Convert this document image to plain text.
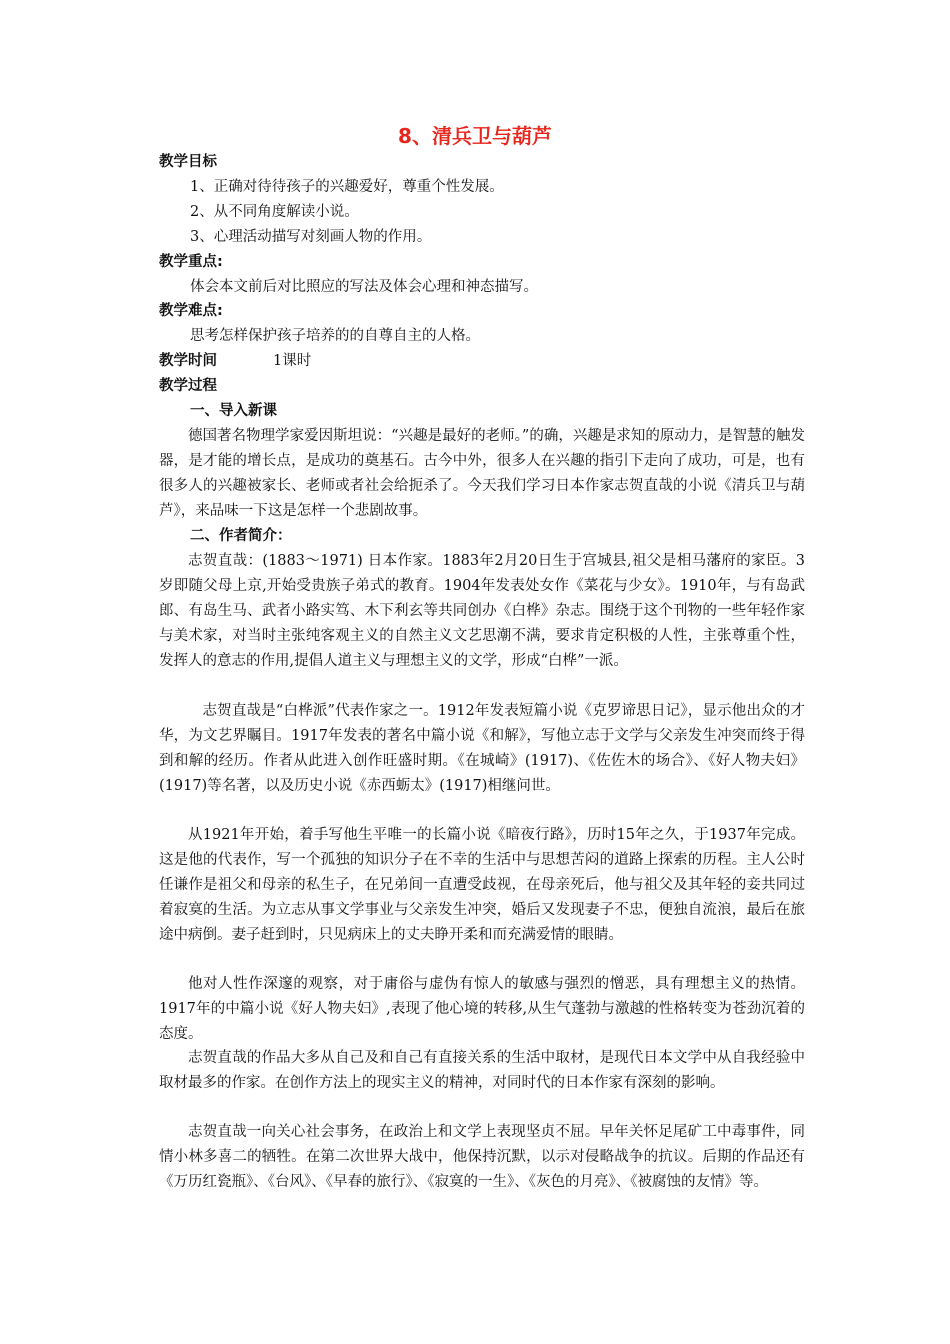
8、清兵卫与葫芦
教学目标
1、正确对待待孩子的兴趣爱好，尊重个性发展。
2、从不同角度解读小说。
3、心理活动描写对刻画人物的作用。
教学重点:
体会本文前后对比照应的写法及体会心理和神态描写。
教学难点:
思考怎样保护孩子培养的的自尊自主的人格。
教学时间	1课时
教学过程
一、导入新课
德国著名物理学家爱因斯坦说：“兴趣是最好的老师。”的确，兴趣是求知的原动力，是智慧的触发器，是才能的增长点，是成功的奠基石。古今中外，很多人在兴趣的指引下走向了成功，可是，也有很多人的兴趣被家长、老师或者社会给扼杀了。今天我们学习日本作家志贺直哉的小说《清兵卫与葫芦》，来品味一下这是怎样一个悲剧故事。
二、作者简介：
志贺直哉：(1883～1971) 日本作家。1883年2月20日生于宫城县,祖父是相马藩府的家臣。3岁即随父母上京,开始受贵族子弟式的教育。1904年发表处女作《菜花与少女》。1910年，与有岛武郎、有岛生马、武者小路实笃、木下利玄等共同创办《白桦》杂志。围绕于这个刊物的一些年轻作家与美术家，对当时主张纯客观主义的自然主义文艺思潮不满，要求肯定积极的人性，主张尊重个性，发挥人的意志的作用,提倡人道主义与理想主义的文学，形成“白桦”一派。
志贺直哉是“白桦派”代表作家之一。1912年发表短篇小说《克罗谛思日记》，显示他出众的才华，为文艺界瞩目。1917年发表的著名中篇小说《和解》，写他立志于文学与父亲发生冲突而终于得到和解的经历。作者从此进入创作旺盛时期。《在城崎》(1917)、《佐佐木的场合》、《好人物夫妇》(1917)等名著，以及历史小说《赤西蛎太》(1917)相继问世。
从1921年开始，着手写他生平唯一的长篇小说《暗夜行路》，历时15年之久，于1937年完成。这是他的代表作，写一个孤独的知识分子在不幸的生活中与思想苦闷的道路上探索的历程。主人公时任谦作是祖父和母亲的私生子，在兄弟间一直遭受歧视，在母亲死后，他与祖父及其年轻的妾共同过着寂寞的生活。为立志从事文学事业与父亲发生冲突，婚后又发现妻子不忠，便独自流浪，最后在旅途中病倒。妻子赶到时，只见病床上的丈夫睁开柔和而充满爱情的眼睛。
他对人性作深邃的观察，对于庸俗与虚伪有惊人的敏感与强烈的憎恶，具有理想主义的热情。1917年的中篇小说《好人物夫妇》,表现了他心境的转移,从生气蓬勃与激越的性格转变为苍劲沉着的态度。
志贺直哉的作品大多从自己及和自己有直接关系的生活中取材，是现代日本文学中从自我经验中取材最多的作家。在创作方法上的现实主义的精神，对同时代的日本作家有深刻的影响。
志贺直哉一向关心社会事务，在政治上和文学上表现坚贞不屈。早年关怀足尾矿工中毒事件，同情小林多喜二的牺牲。在第二次世界大战中，他保持沉默，以示对侵略战争的抗议。后期的作品还有《万历红瓷瓶》、《台风》、《早春的旅行》、《寂寞的一生》、《灰色的月亮》、《被腐蚀的友情》等。
